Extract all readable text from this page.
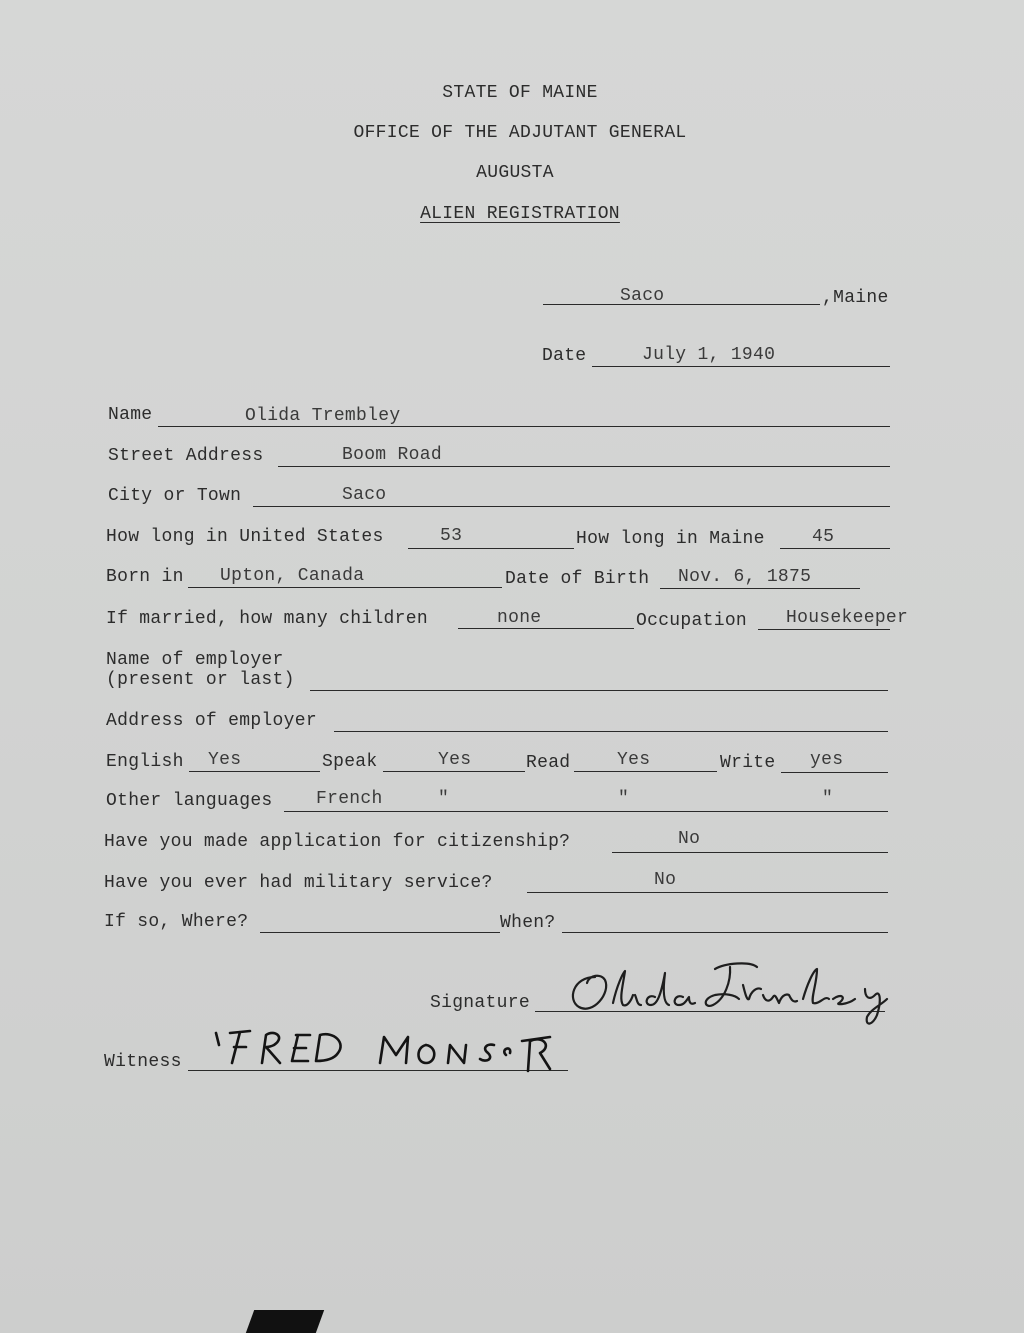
STATE OF MAINE
OFFICE OF THE ADJUTANT GENERAL
AUGUSTA
ALIEN REGISTRATION
Saco	,Maine
Date	July 1, 1940
Name	Olida Trembley
Street Address	Boom Road
City or Town	Saco
How long in United States	53	How long in Maine	45
Born in Upton, Canada	Date of Birth Nov. 6, 1875
If married, how many children	none	Occupation Housekeeper
Name of employer
(present or last)
Address of employer
English Yes	Speak	Yes	Read	Yes	Write yes
Other languages French	"	"	"
Have you made application for citizenship?	No
Have you ever had military service?	No
If so, Where?	When?
Signature
Witness
